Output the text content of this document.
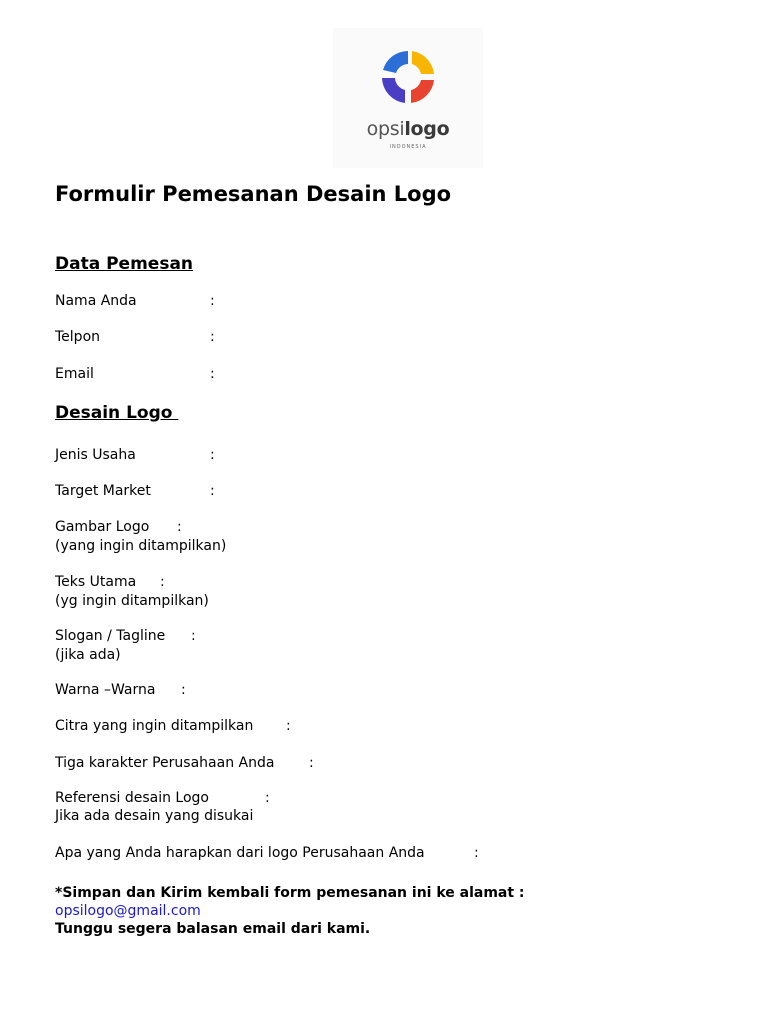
opsilogo
INDONESIA
Formulir Pemesanan Desain Logo
Data Pemesan
Nama Anda	:
Telpon	:
Email	:
Desain Logo
Jenis Usaha	:
Target Market	:
Gambar Logo :
(yang ingin ditampilkan)
Teks Utama :
(yg ingin ditampilkan)
Slogan / Tagline :
(jika ada)
Warna –Warna :
Citra yang ingin ditampilkan :
Tiga karakter Perusahaan Anda :
Referensi desain Logo	:
Jika ada desain yang disukai
Apa yang Anda harapkan dari logo Perusahaan Anda	:
*Simpan dan Kirim kembali form pemesanan ini ke alamat :
opsilogo@gmail.com
Tunggu segera balasan email dari kami.
